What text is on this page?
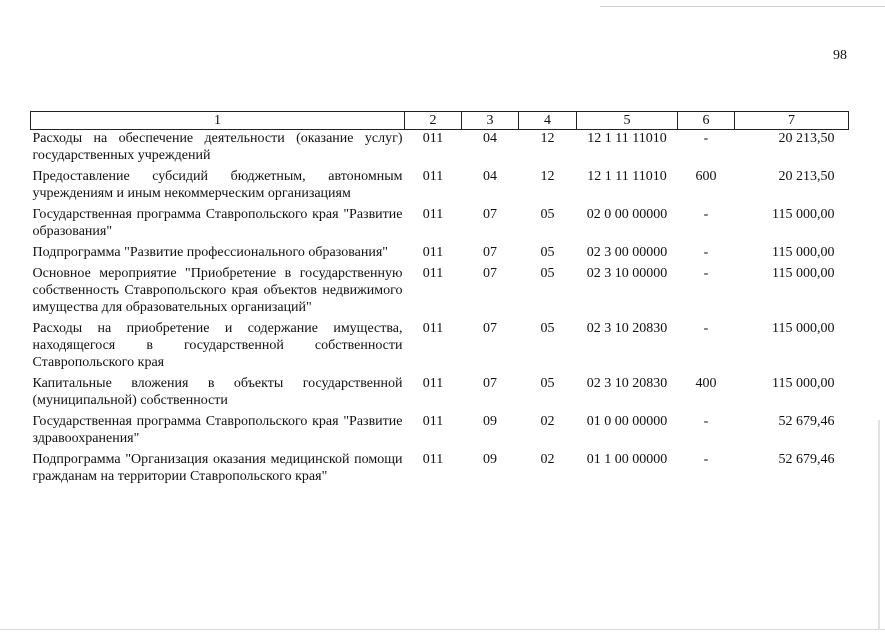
98
1	2	3	4	5	6	7
Расходы на обеспечение деятельности (оказание услуг) государственных учреждений	011	04	12	12 1 11 11010	-	20 213,50
Предоставление субсидий бюджетным, автономным учреждениям и иным некоммерческим организациям	011	04	12	12 1 11 11010	600	20 213,50
Государственная программа Ставропольского края "Развитие образования"	011	07	05	02 0 00 00000	-	115 000,00
Подпрограмма "Развитие профессионального образования"	011	07	05	02 3 00 00000	-	115 000,00
Основное мероприятие "Приобретение в государственную собственность Ставропольского края объектов недвижимого имущества для образовательных организаций"	011	07	05	02 3 10 00000	-	115 000,00
Расходы на приобретение и содержание имущества, находящегося в государственной собственности Ставропольского края	011	07	05	02 3 10 20830	-	115 000,00
Капитальные вложения в объекты государственной (муниципальной) собственности	011	07	05	02 3 10 20830	400	115 000,00
Государственная программа Ставропольского края "Развитие здравоохранения"	011	09	02	01 0 00 00000	-	52 679,46
Подпрограмма "Организация оказания медицинской помощи гражданам на территории Ставропольского края"	011	09	02	01 1 00 00000	-	52 679,46
